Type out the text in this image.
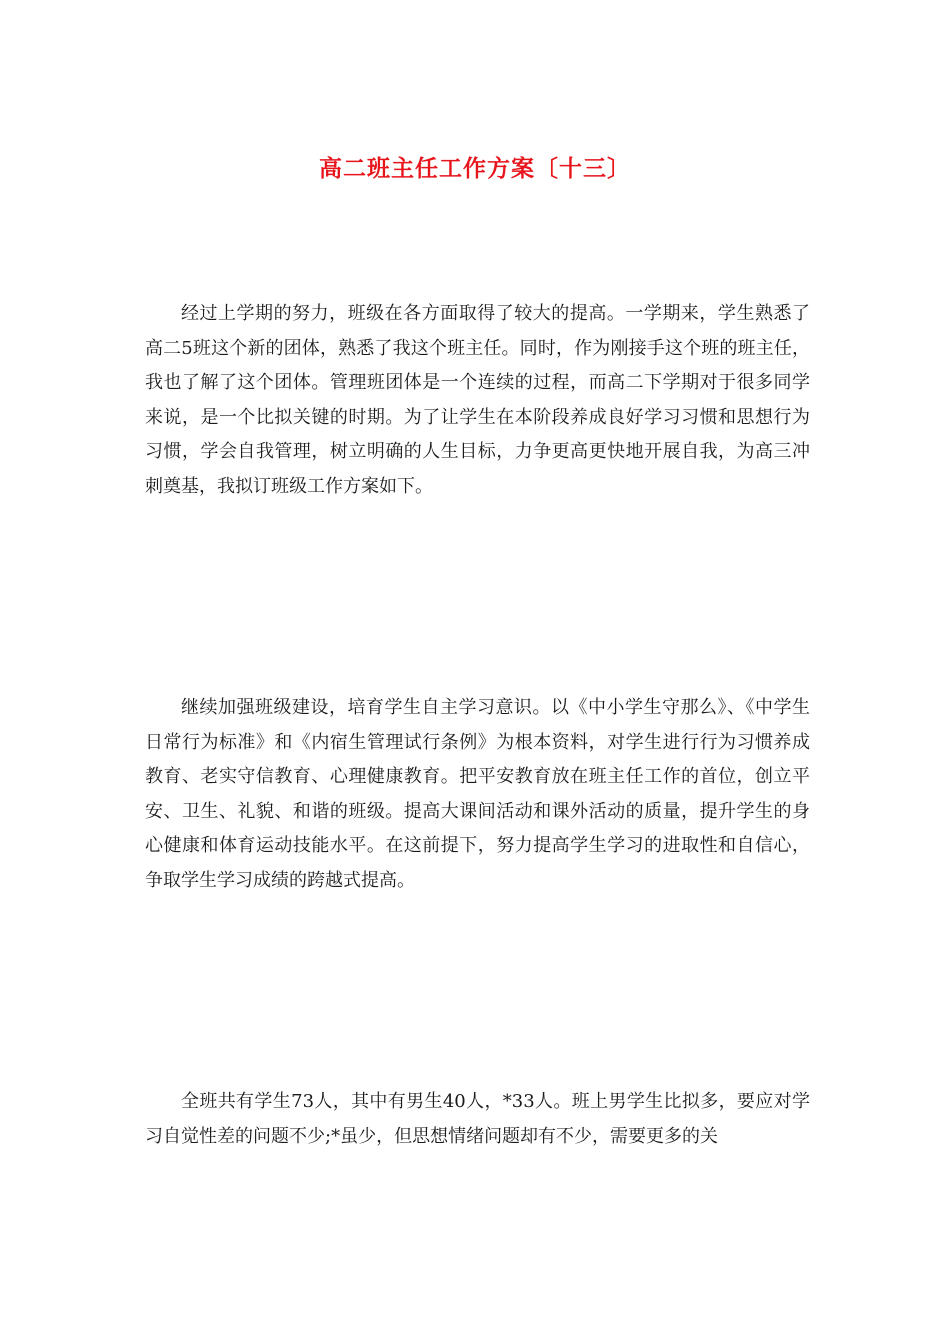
高二班主任工作方案〔十三〕

经过上学期的努力，班级在各方面取得了较大的提高。一学期来，学生熟悉了高二5班这个新的团体，熟悉了我这个班主任。同时，作为刚接手这个班的班主任，我也了解了这个团体。管理班团体是一个连续的过程，而高二下学期对于很多同学来说，是一个比拟关键的时期。为了让学生在本阶段养成良好学习习惯和思想行为习惯，学会自我管理，树立明确的人生目标，力争更高更快地开展自我，为高三冲刺奠基，我拟订班级工作方案如下。

继续加强班级建设，培育学生自主学习意识。以《中小学生守那么》、《中学生日常行为标准》和《内宿生管理试行条例》为根本资料，对学生进行行为习惯养成教育、老实守信教育、心理健康教育。把平安教育放在班主任工作的首位，创立平安、卫生、礼貌、和谐的班级。提高大课间活动和课外活动的质量，提升学生的身心健康和体育运动技能水平。在这前提下，努力提高学生学习的进取性和自信心，争取学生学习成绩的跨越式提高。

全班共有学生73人，其中有男生40人，*33人。班上男学生比拟多，要应对学习自觉性差的问题不少;*虽少，但思想情绪问题却有不少，需要更多的关
